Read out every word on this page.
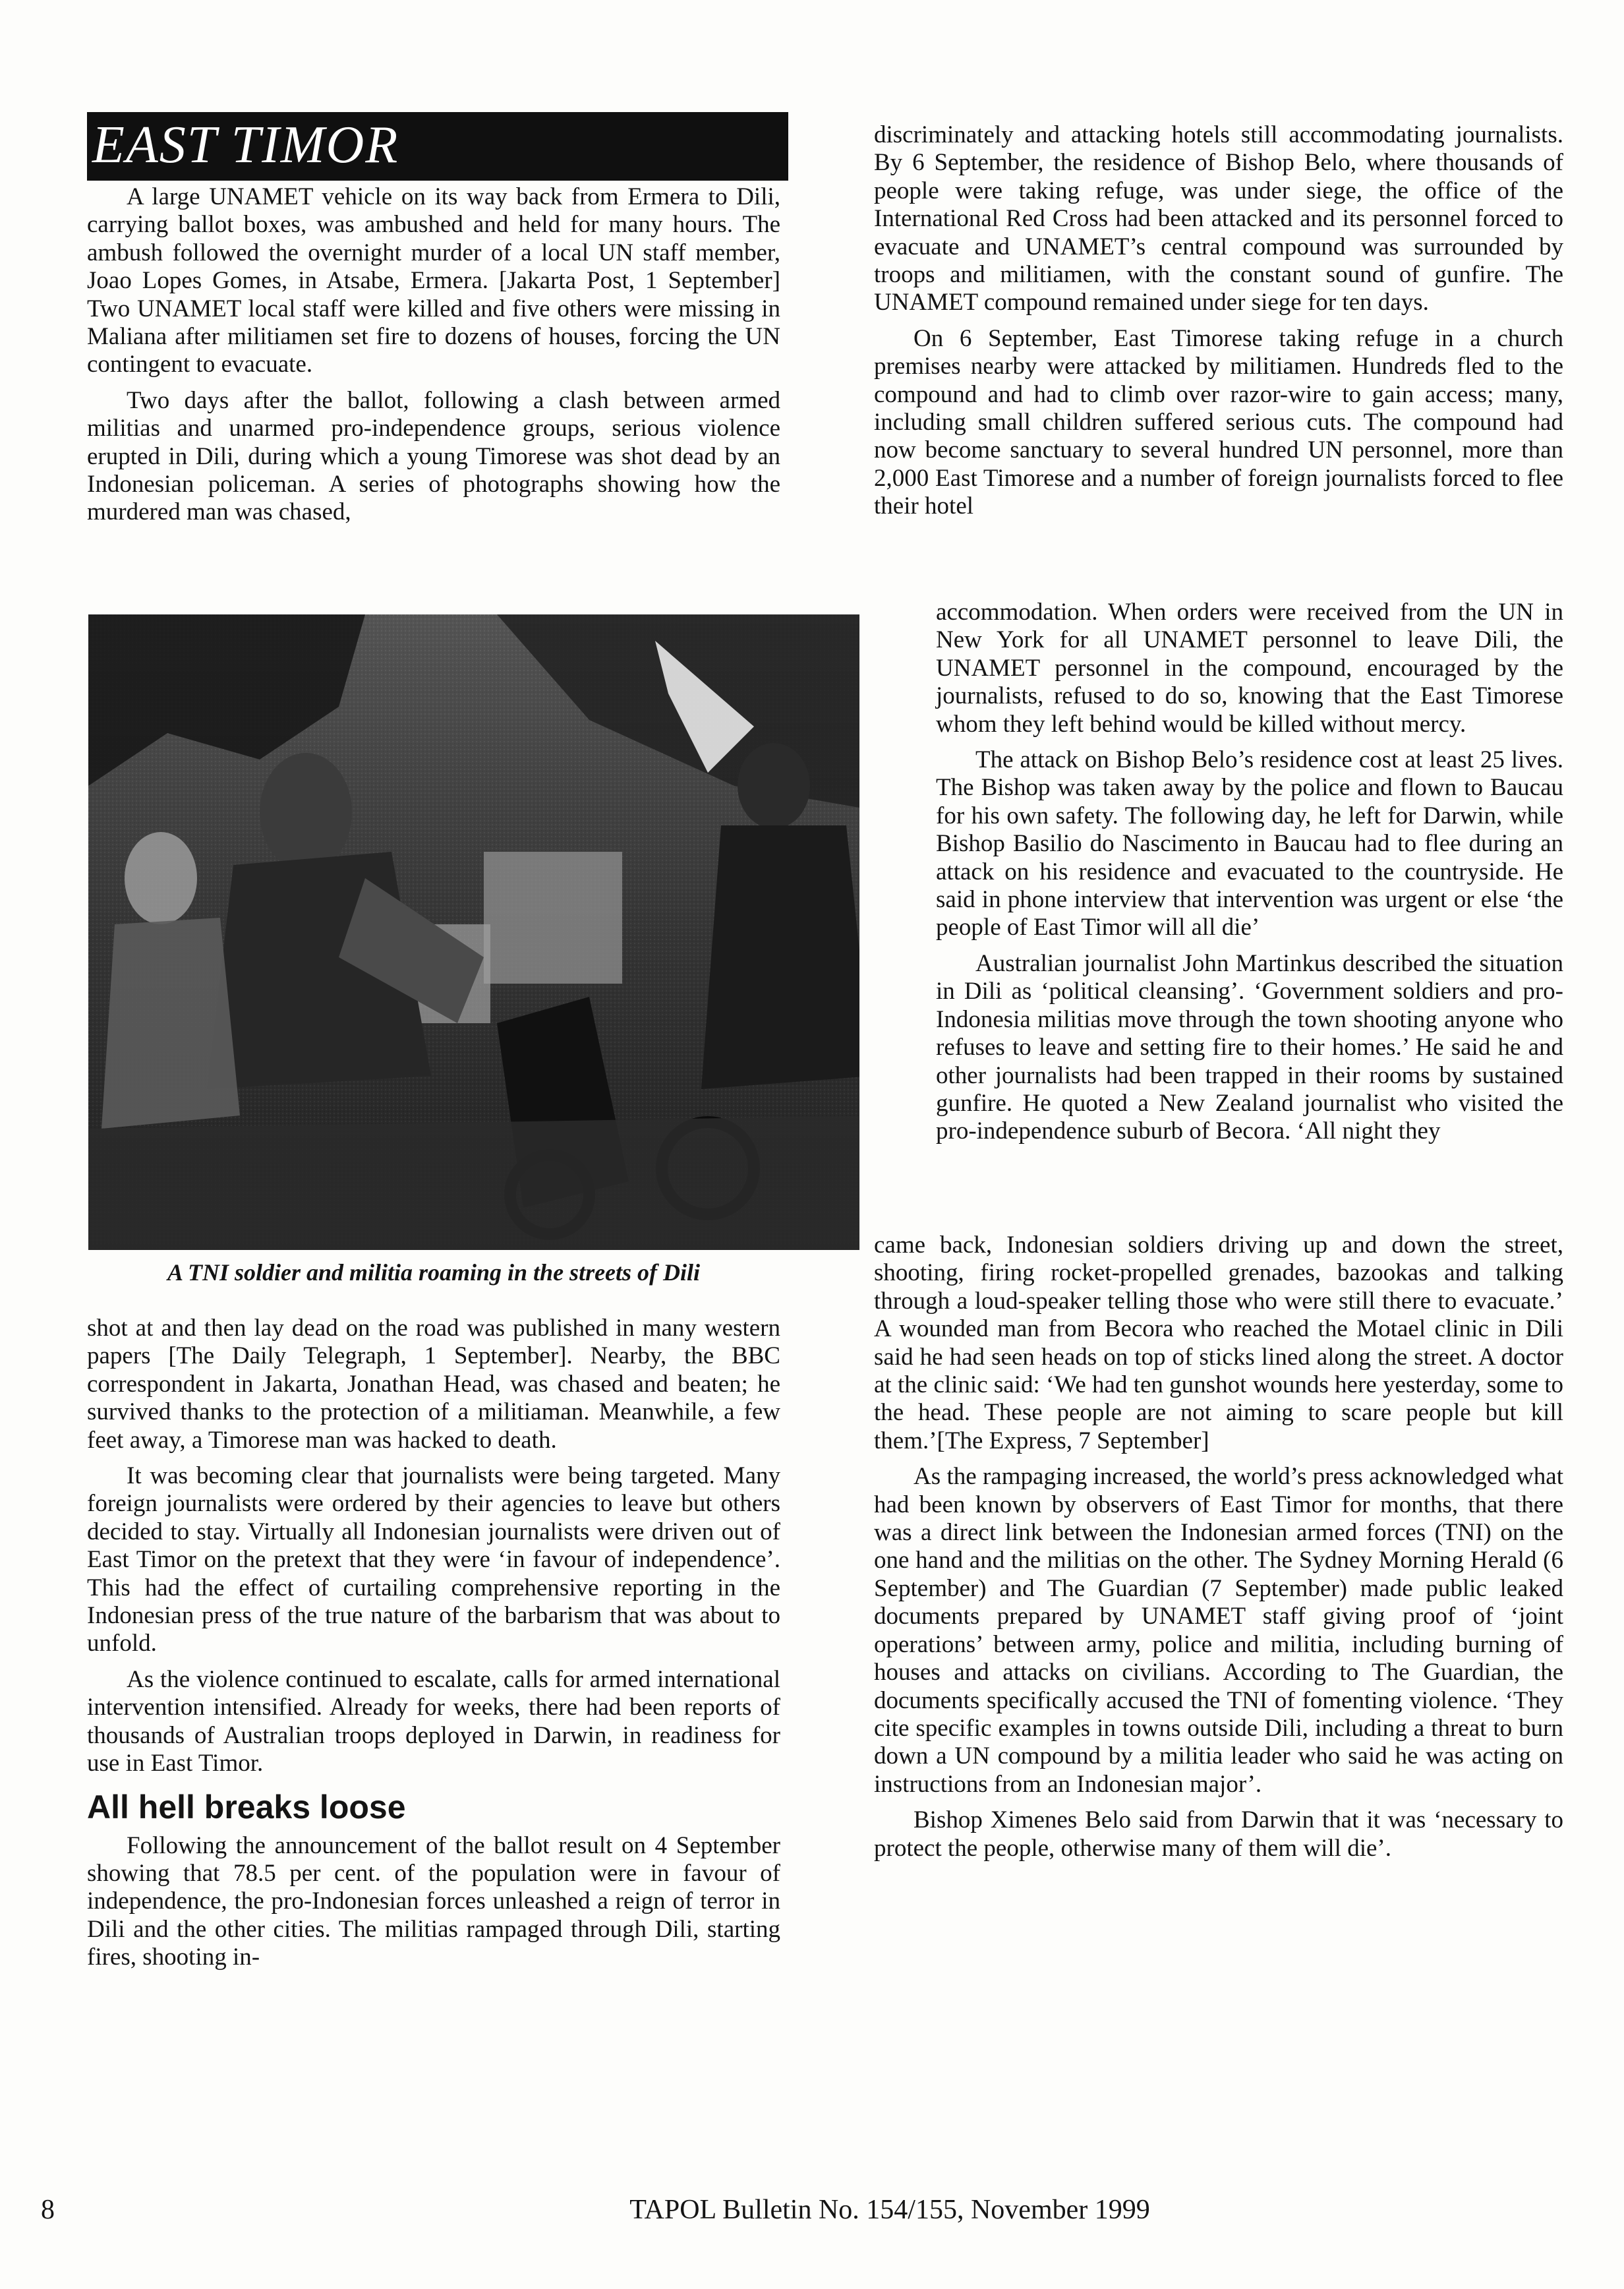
EAST TIMOR

A large UNAMET vehicle on its way back from Ermera to Dili, carrying ballot boxes, was ambushed and held for many hours. The ambush followed the overnight murder of a local UN staff member, Joao Lopes Gomes, in Atsabe, Ermera. [Jakarta Post, 1 September] Two UNAMET local staff were killed and five others were missing in Maliana after militiamen set fire to dozens of houses, forcing the UN contingent to evacuate.

Two days after the ballot, following a clash between armed militias and unarmed pro-independence groups, serious violence erupted in Dili, during which a young Timorese was shot dead by an Indonesian policeman. A series of photographs showing how the murdered man was chased,

A TNI soldier and militia roaming in the streets of Dili

shot at and then lay dead on the road was published in many western papers [The Daily Telegraph, 1 September]. Nearby, the BBC correspondent in Jakarta, Jonathan Head, was chased and beaten; he survived thanks to the protection of a militiaman. Meanwhile, a few feet away, a Timorese man was hacked to death.

It was becoming clear that journalists were being targeted. Many foreign journalists were ordered by their agencies to leave but others decided to stay. Virtually all Indonesian journalists were driven out of East Timor on the pretext that they were ‘in favour of independence’. This had the effect of curtailing comprehensive reporting in the Indonesian press of the true nature of the barbarism that was about to unfold.

As the violence continued to escalate, calls for armed international intervention intensified. Already for weeks, there had been reports of thousands of Australian troops deployed in Darwin, in readiness for use in East Timor.

All hell breaks loose

Following the announcement of the ballot result on 4 September showing that 78.5 per cent. of the population were in favour of independence, the pro-Indonesian forces unleashed a reign of terror in Dili and the other cities. The militias rampaged through Dili, starting fires, shooting in-

discriminately and attacking hotels still accommodating journalists. By 6 September, the residence of Bishop Belo, where thousands of people were taking refuge, was under siege, the office of the International Red Cross had been attacked and its personnel forced to evacuate and UNAMET’s central compound was surrounded by troops and militiamen, with the constant sound of gunfire. The UNAMET compound remained under siege for ten days.

On 6 September, East Timorese taking refuge in a church premises nearby were attacked by militiamen. Hundreds fled to the compound and had to climb over razor-wire to gain access; many, including small children suffered serious cuts. The compound had now become sanctuary to several hundred UN personnel, more than 2,000 East Timorese and a number of foreign journalists forced to flee their hotel

accommodation. When orders were received from the UN in New York for all UNAMET personnel to leave Dili, the UNAMET personnel in the compound, encouraged by the journalists, refused to do so, knowing that the East Timorese whom they left behind would be killed without mercy.

The attack on Bishop Belo’s residence cost at least 25 lives. The Bishop was taken away by the police and flown to Baucau for his own safety. The following day, he left for Darwin, while Bishop Basilio do Nascimento in Baucau had to flee during an attack on his residence and evacuated to the countryside. He said in phone interview that intervention was urgent or else ‘the people of East Timor will all die’

Australian journalist John Martinkus described the situation in Dili as ‘political cleansing’. ‘Government soldiers and pro-Indonesia militias move through the town shooting anyone who refuses to leave and setting fire to their homes.’ He said he and other journalists had been trapped in their rooms by sustained gunfire. He quoted a New Zealand journalist who visited the pro-independence suburb of Becora. ‘All night they

came back, Indonesian soldiers driving up and down the street, shooting, firing rocket-propelled grenades, bazookas and talking through a loud-speaker telling those who were still there to evacuate.’ A wounded man from Becora who reached the Motael clinic in Dili said he had seen heads on top of sticks lined along the street. A doctor at the clinic said: ‘We had ten gunshot wounds here yesterday, some to the head. These people are not aiming to scare people but kill them.’[The Express, 7 September]

As the rampaging increased, the world’s press acknowledged what had been known by observers of East Timor for months, that there was a direct link between the Indonesian armed forces (TNI) on the one hand and the militias on the other. The Sydney Morning Herald (6 September) and The Guardian (7 September) made public leaked documents prepared by UNAMET staff giving proof of ‘joint operations’ between army, police and militia, including burning of houses and attacks on civilians. According to The Guardian, the documents specifically accused the TNI of fomenting violence. ‘They cite specific examples in towns outside Dili, including a threat to burn down a UN compound by a militia leader who said he was acting on instructions from an Indonesian major’.

Bishop Ximenes Belo said from Darwin that it was ‘necessary to protect the people, otherwise many of them will die’.

8	TAPOL Bulletin No. 154/155, November 1999
